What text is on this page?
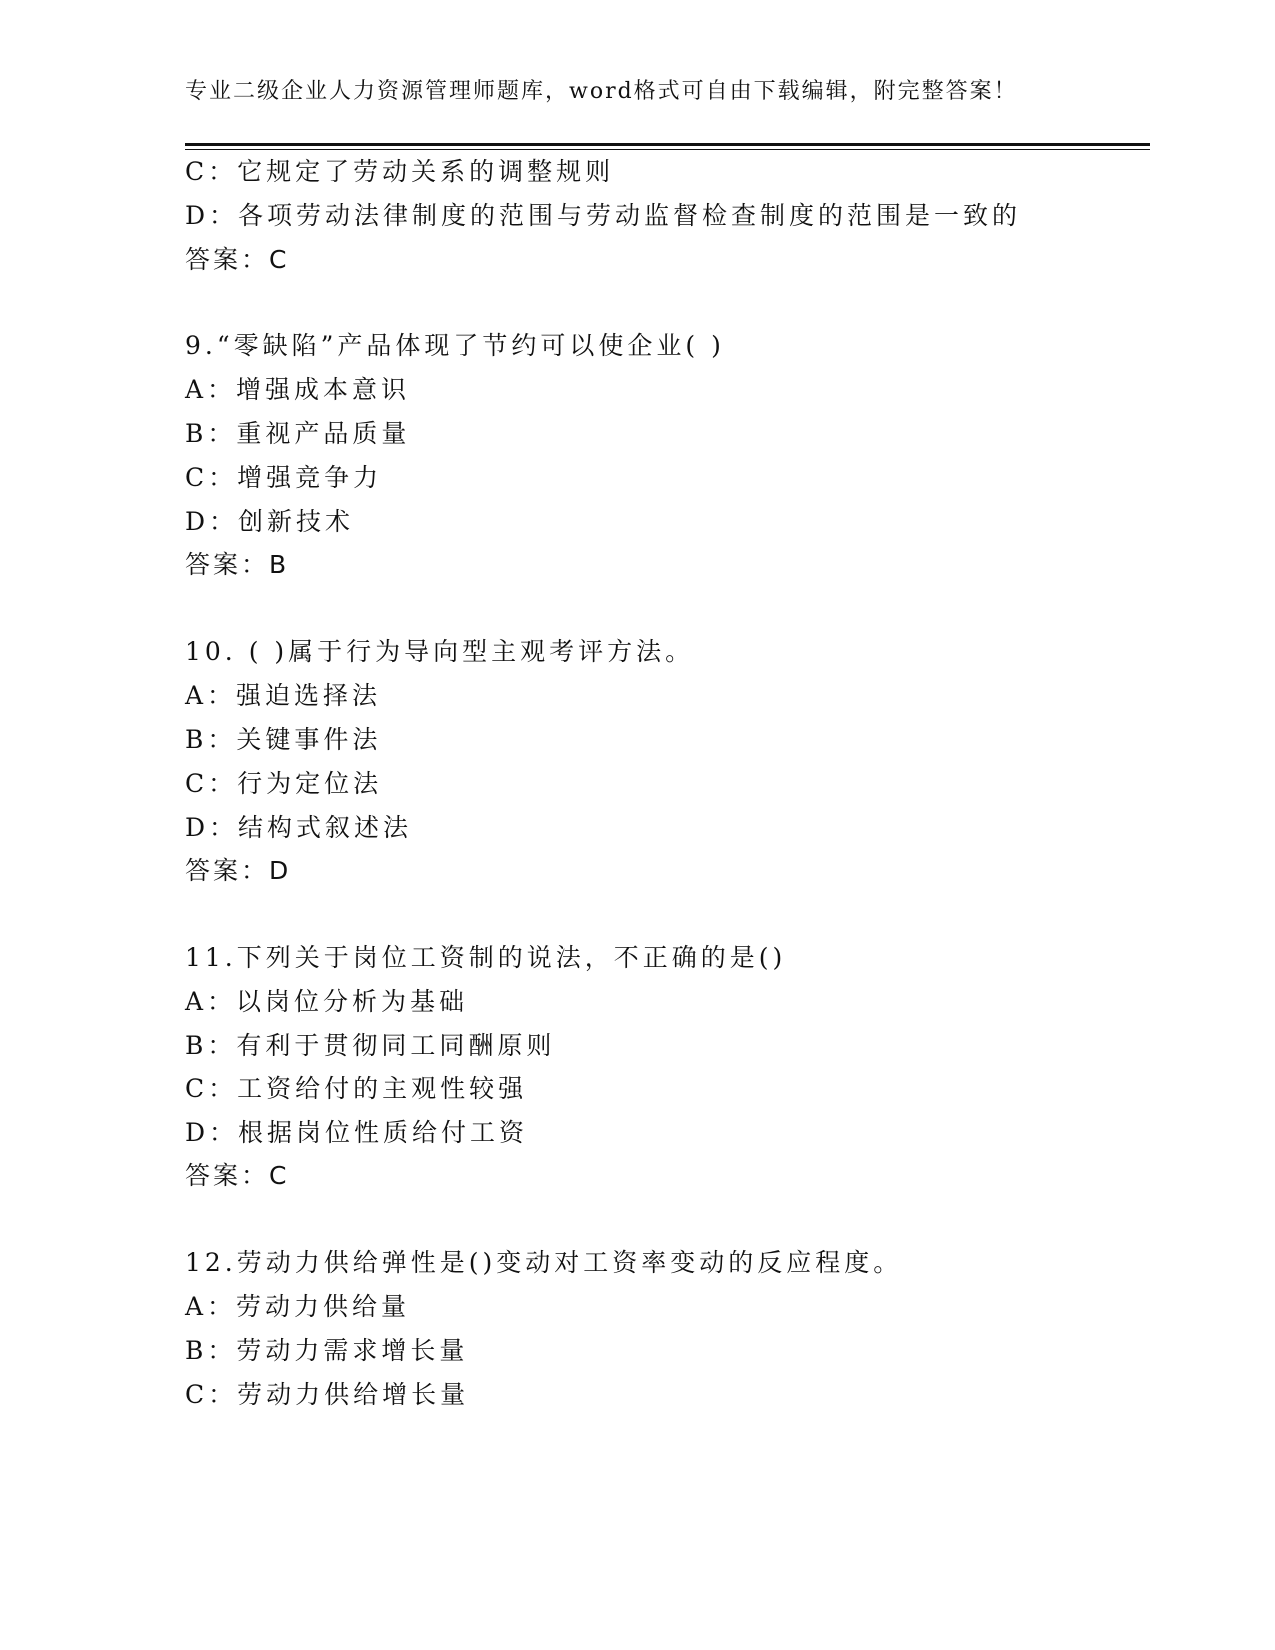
专业二级企业人力资源管理师题库，word格式可自由下载编辑，附完整答案！
C：它规定了劳动关系的调整规则
D：各项劳动法律制度的范围与劳动监督检查制度的范围是一致的
答案：C
9.“零缺陷”产品体现了节约可以使企业( )
A：增强成本意识
B：重视产品质量
C：增强竞争力
D：创新技术
答案：B
10. ( )属于行为导向型主观考评方法。
A：强迫选择法
B：关键事件法
C：行为定位法
D：结构式叙述法
答案：D
11.下列关于岗位工资制的说法，不正确的是()
A：以岗位分析为基础
B：有利于贯彻同工同酬原则
C：工资给付的主观性较强
D：根据岗位性质给付工资
答案：C
12.劳动力供给弹性是()变动对工资率变动的反应程度。
A：劳动力供给量
B：劳动力需求增长量
C：劳动力供给增长量
